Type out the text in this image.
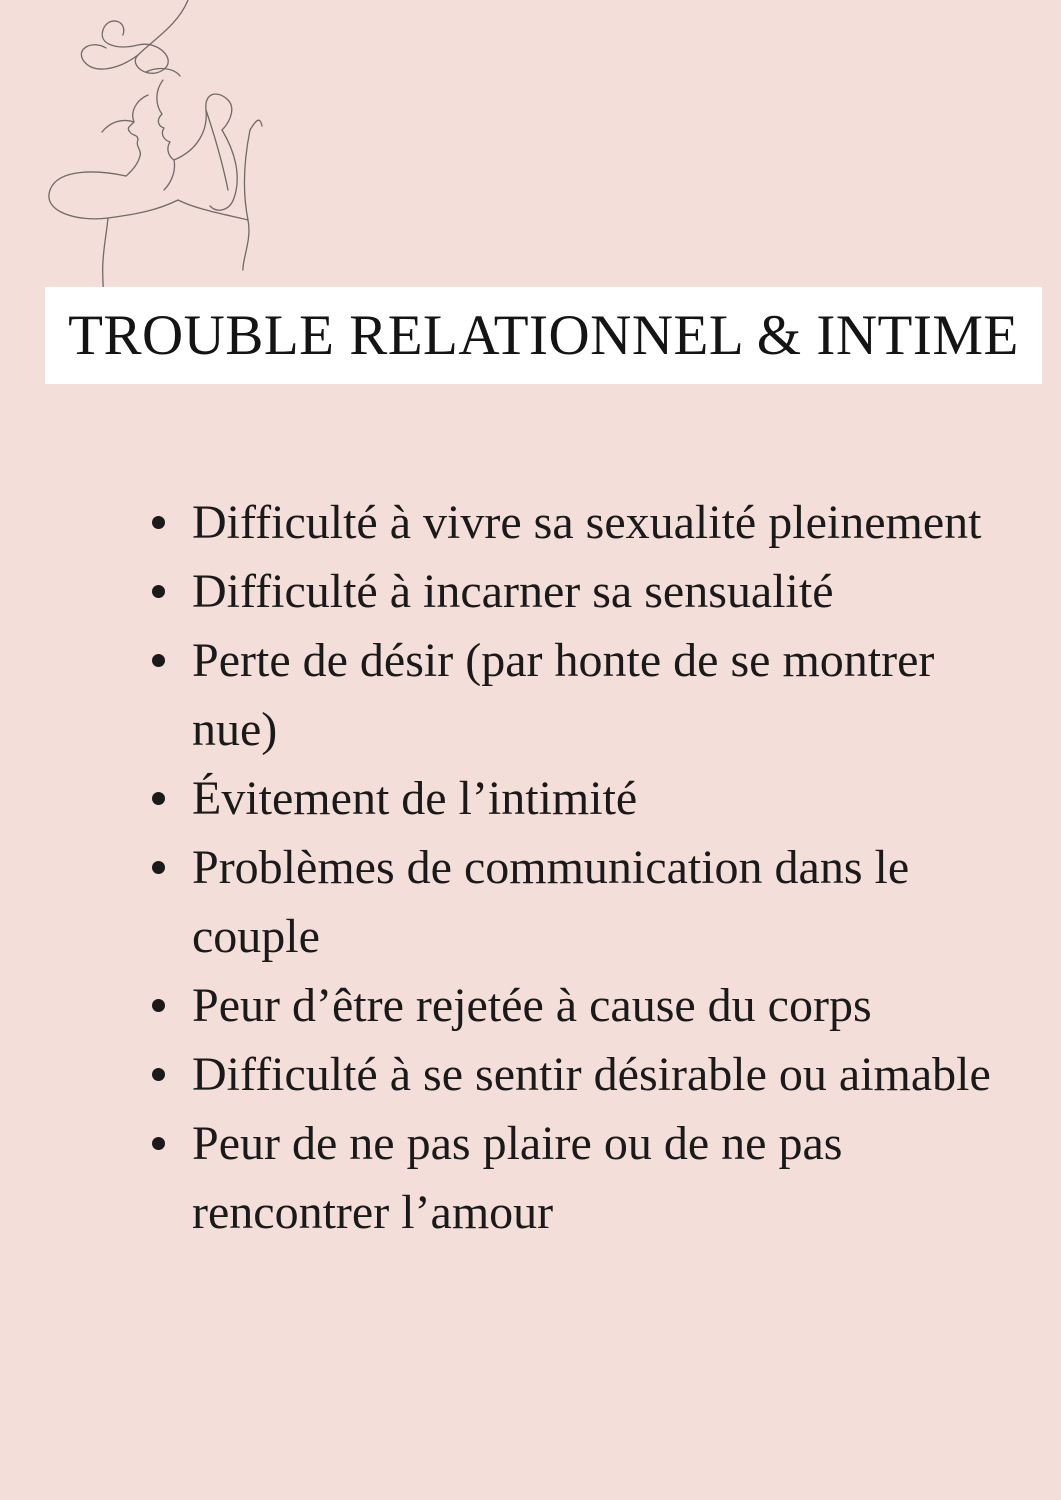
TROUBLE RELATIONNEL & INTIME
Difficulté à vivre sa sexualité pleinement
Difficulté à incarner sa sensualité
Perte de désir (par honte de se montrer nue)
Évitement de l’intimité
Problèmes de communication dans le couple
Peur d’être rejetée à cause du corps
Difficulté à se sentir désirable ou aimable
Peur de ne pas plaire ou de ne pas rencontrer l’amour
